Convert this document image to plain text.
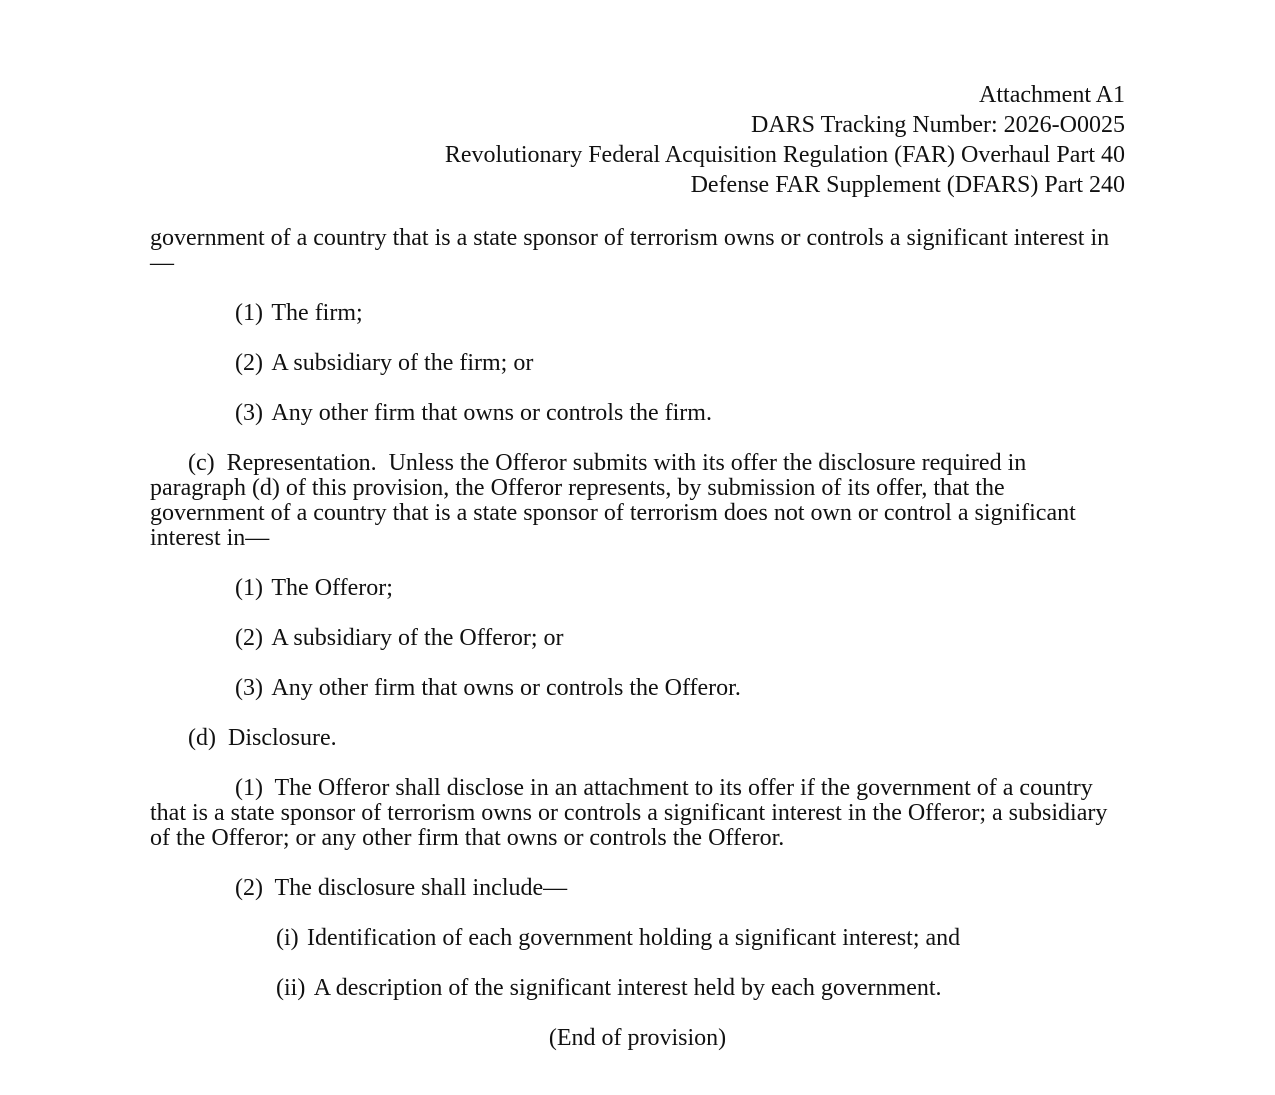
Attachment A1
DARS Tracking Number: 2026-O0025
Revolutionary Federal Acquisition Regulation (FAR) Overhaul Part 40
Defense FAR Supplement (DFARS) Part 240

government of a country that is a state sponsor of terrorism owns or controls a significant interest in—

(1) The firm;

(2) A subsidiary of the firm; or

(3) Any other firm that owns or controls the firm.

(c)  Representation.  Unless the Offeror submits with its offer the disclosure required in paragraph (d) of this provision, the Offeror represents, by submission of its offer, that the government of a country that is a state sponsor of terrorism does not own or control a significant interest in—

(1) The Offeror;

(2) A subsidiary of the Offeror; or

(3) Any other firm that owns or controls the Offeror.

(d)  Disclosure.

(1)  The Offeror shall disclose in an attachment to its offer if the government of a country that is a state sponsor of terrorism owns or controls a significant interest in the Offeror; a subsidiary of the Offeror; or any other firm that owns or controls the Offeror.

(2)  The disclosure shall include—

(i) Identification of each government holding a significant interest; and

(ii) A description of the significant interest held by each government.

(End of provision)
